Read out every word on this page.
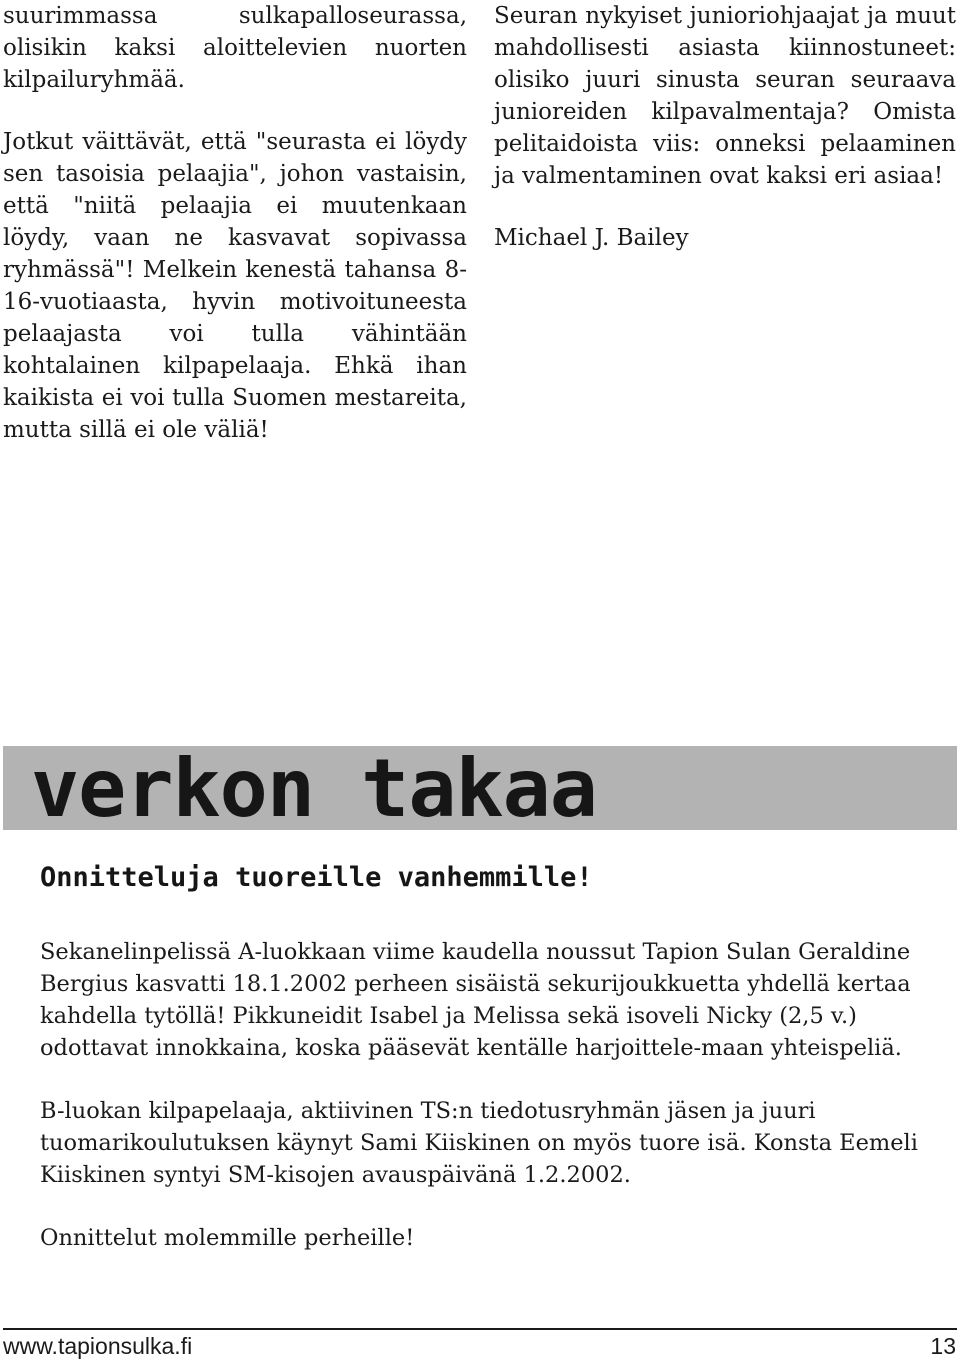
suurimmassa sulkapalloseurassa, olisikin kaksi aloittelevien nuorten kilpailuryhmää.

Jotkut väittävät, että "seurasta ei löydy sen tasoisia pelaajia", johon vastaisin, että "niitä pelaajia ei muutenkaan löydy, vaan ne kasvavat sopivassa ryhmässä"! Melkein kenestä tahansa 8-16-vuotiaasta, hyvin motivoituneesta pelaajasta voi tulla vähintään kohtalainen kilpapelaaja. Ehkä ihan kaikista ei voi tulla Suomen mestareita, mutta sillä ei ole väliä!

Seuran nykyiset junioriohjaajat ja muut mahdollisesti asiasta kiinnostuneet: olisiko juuri sinusta seuran seuraava junioreiden kilpavalmentaja? Omista pelitaidoista viis: onneksi pelaaminen ja valmentaminen ovat kaksi eri asiaa!

Michael J. Bailey

verkon takaa
Onnitteluja tuoreille vanhemmille!

Sekanelinpelissä A-luokkaan viime kaudella noussut Tapion Sulan Geraldine Bergius kasvatti 18.1.2002 perheen sisäistä sekurijoukkuetta yhdellä kertaa kahdella tytöllä! Pikkuneidit Isabel ja Melissa sekä isoveli Nicky (2,5 v.) odottavat innokkaina, koska pääsevät kentälle harjoittele-maan yhteispeliä.

B-luokan kilpapelaaja, aktiivinen TS:n tiedotusryhmän jäsen ja juuri tuomarikoulutuksen käynyt Sami Kiiskinen on myös tuore isä. Konsta Eemeli Kiiskinen syntyi SM-kisojen avauspäivänä 1.2.2002.

Onnittelut molemmille perheille!

www.tapionsulka.fi	13
